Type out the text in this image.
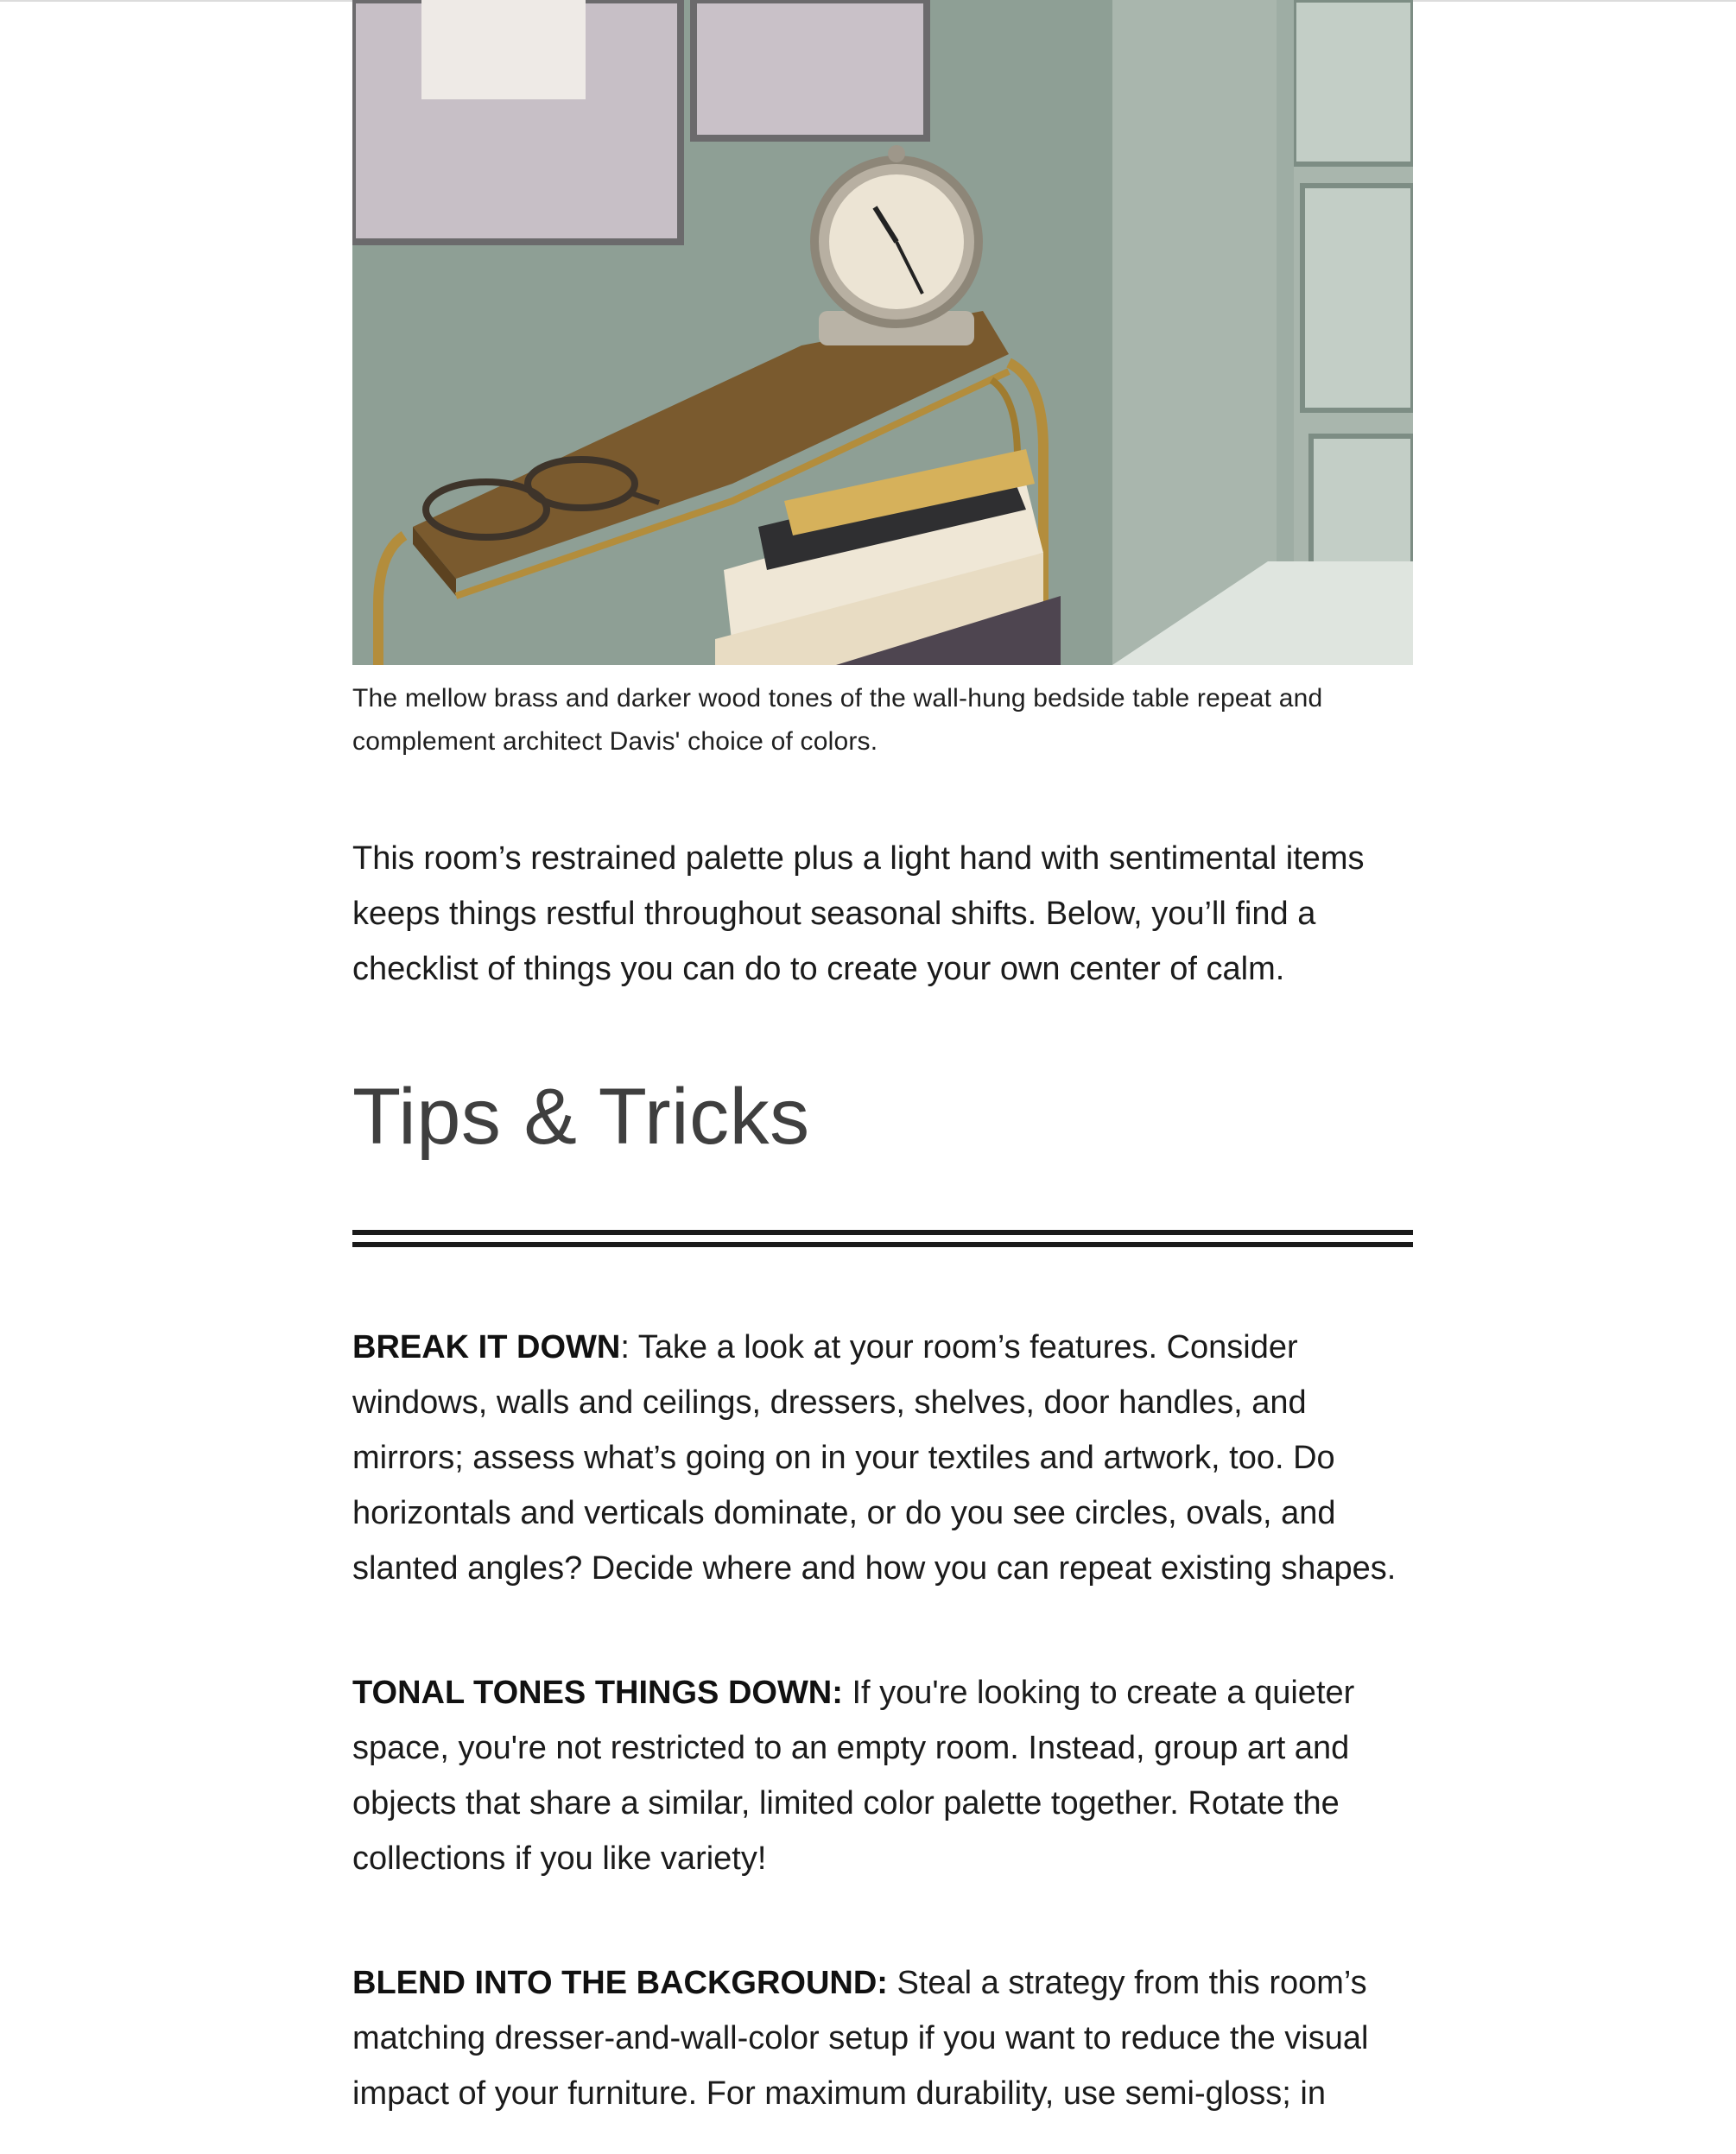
The mellow brass and darker wood tones of the wall-hung bedside table repeat and complement architect Davis' choice of colors.

This room’s restrained palette plus a light hand with sentimental items keeps things restful throughout seasonal shifts. Below, you’ll find a checklist of things you can do to create your own center of calm.

Tips & Tricks

BREAK IT DOWN: Take a look at your room’s features. Consider windows, walls and ceilings, dressers, shelves, door handles, and mirrors; assess what’s going on in your textiles and artwork, too. Do horizontals and verticals dominate, or do you see circles, ovals, and slanted angles? Decide where and how you can repeat existing shapes.

TONAL TONES THINGS DOWN: If you're looking to create a quieter space, you're not restricted to an empty room. Instead, group art and objects that share a similar, limited color palette together. Rotate the collections if you like variety!

BLEND INTO THE BACKGROUND: Steal a strategy from this room’s matching dresser-and-wall-color setup if you want to reduce the visual impact of your furniture. For maximum durability, use semi-gloss; in
